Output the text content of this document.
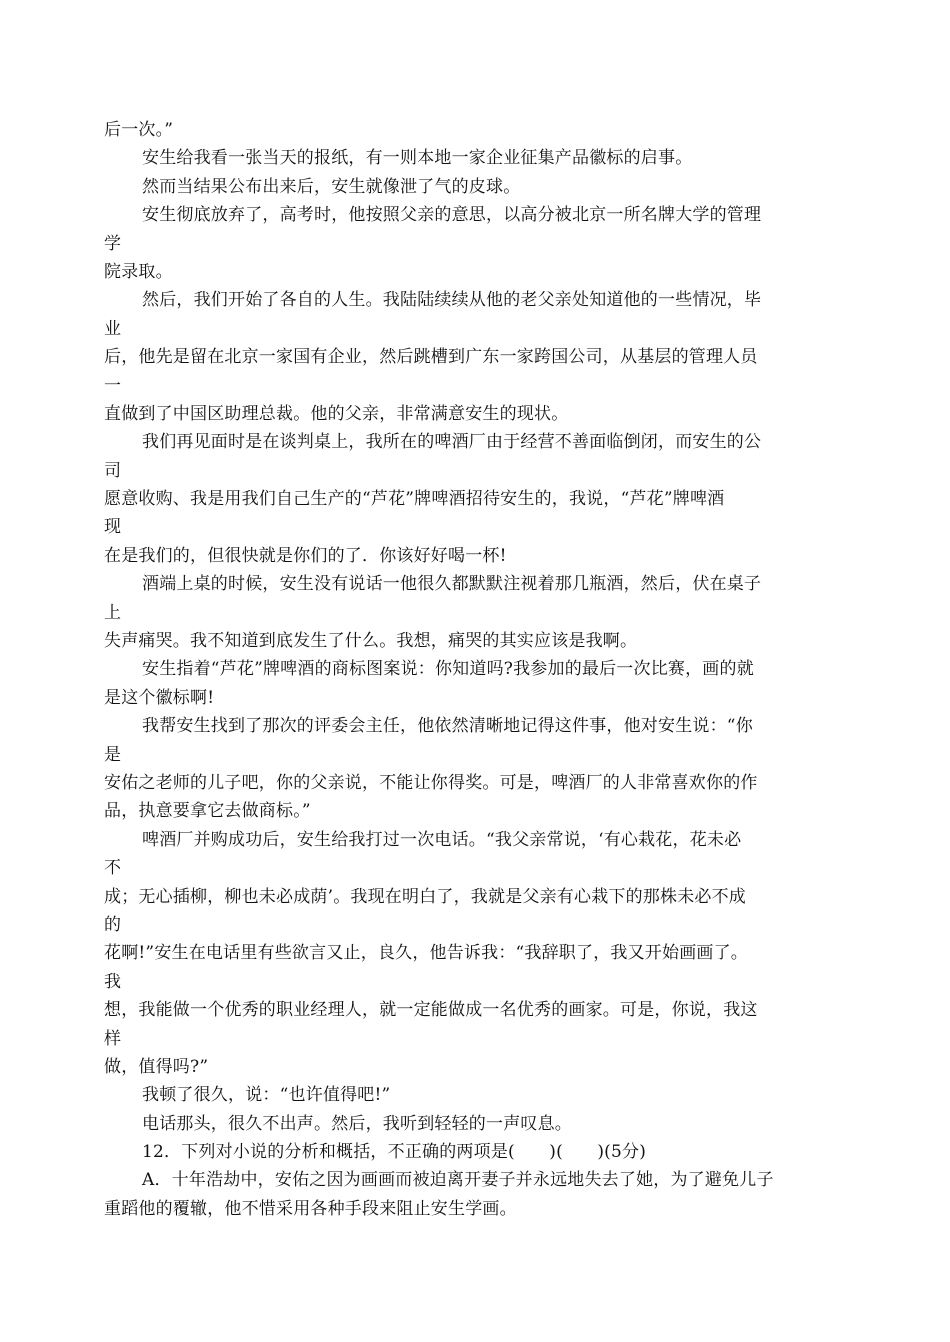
后一次。”
安生给我看一张当天的报纸，有一则本地一家企业征集产品徽标的启事。
然而当结果公布出来后，安生就像泄了气的皮球。
安生彻底放弃了，高考时，他按照父亲的意思，以高分被北京一所名牌大学的管理
学
院录取。
然后，我们开始了各自的人生。我陆陆续续从他的老父亲处知道他的一些情况，毕
业
后，他先是留在北京一家国有企业，然后跳槽到广东一家跨国公司，从基层的管理人员
一
直做到了中国区助理总裁。他的父亲，非常满意安生的现状。
我们再见面时是在谈判桌上，我所在的啤酒厂由于经营不善面临倒闭，而安生的公
司
愿意收购、我是用我们自己生产的“芦花”牌啤酒招待安生的，我说，“芦花”牌啤酒
现
在是我们的，但很快就是你们的了．你该好好喝一杯!
酒端上桌的时候，安生没有说话一他很久都默默注视着那几瓶酒，然后，伏在桌子
上
失声痛哭。我不知道到底发生了什么。我想，痛哭的其实应该是我啊。
安生指着“芦花”牌啤酒的商标图案说：你知道吗?我参加的最后一次比赛，画的就
是这个徽标啊!
我帮安生找到了那次的评委会主任，他依然清晰地记得这件事，他对安生说：“你
是
安佑之老师的儿子吧，你的父亲说，不能让你得奖。可是，啤酒厂的人非常喜欢你的作
品，执意要拿它去做商标。”
啤酒厂并购成功后，安生给我打过一次电话。“我父亲常说，‘有心栽花，花未必
不
成；无心插柳，柳也未必成荫’。我现在明白了，我就是父亲有心栽下的那株未必不成
的
花啊!”安生在电话里有些欲言又止，良久，他告诉我：“我辞职了，我又开始画画了。
我
想，我能做一个优秀的职业经理人，就一定能做成一名优秀的画家。可是，你说，我这
样
做，值得吗?”
我顿了很久，说：“也许值得吧!”
电话那头，很久不出声。然后，我听到轻轻的一声叹息。
12．下列对小说的分析和概括，不正确的两项是(　　)(　　)(5分)
A．十年浩劫中，安佑之因为画画而被迫离开妻子并永远地失去了她，为了避免儿子
重蹈他的覆辙，他不惜采用各种手段来阻止安生学画。
